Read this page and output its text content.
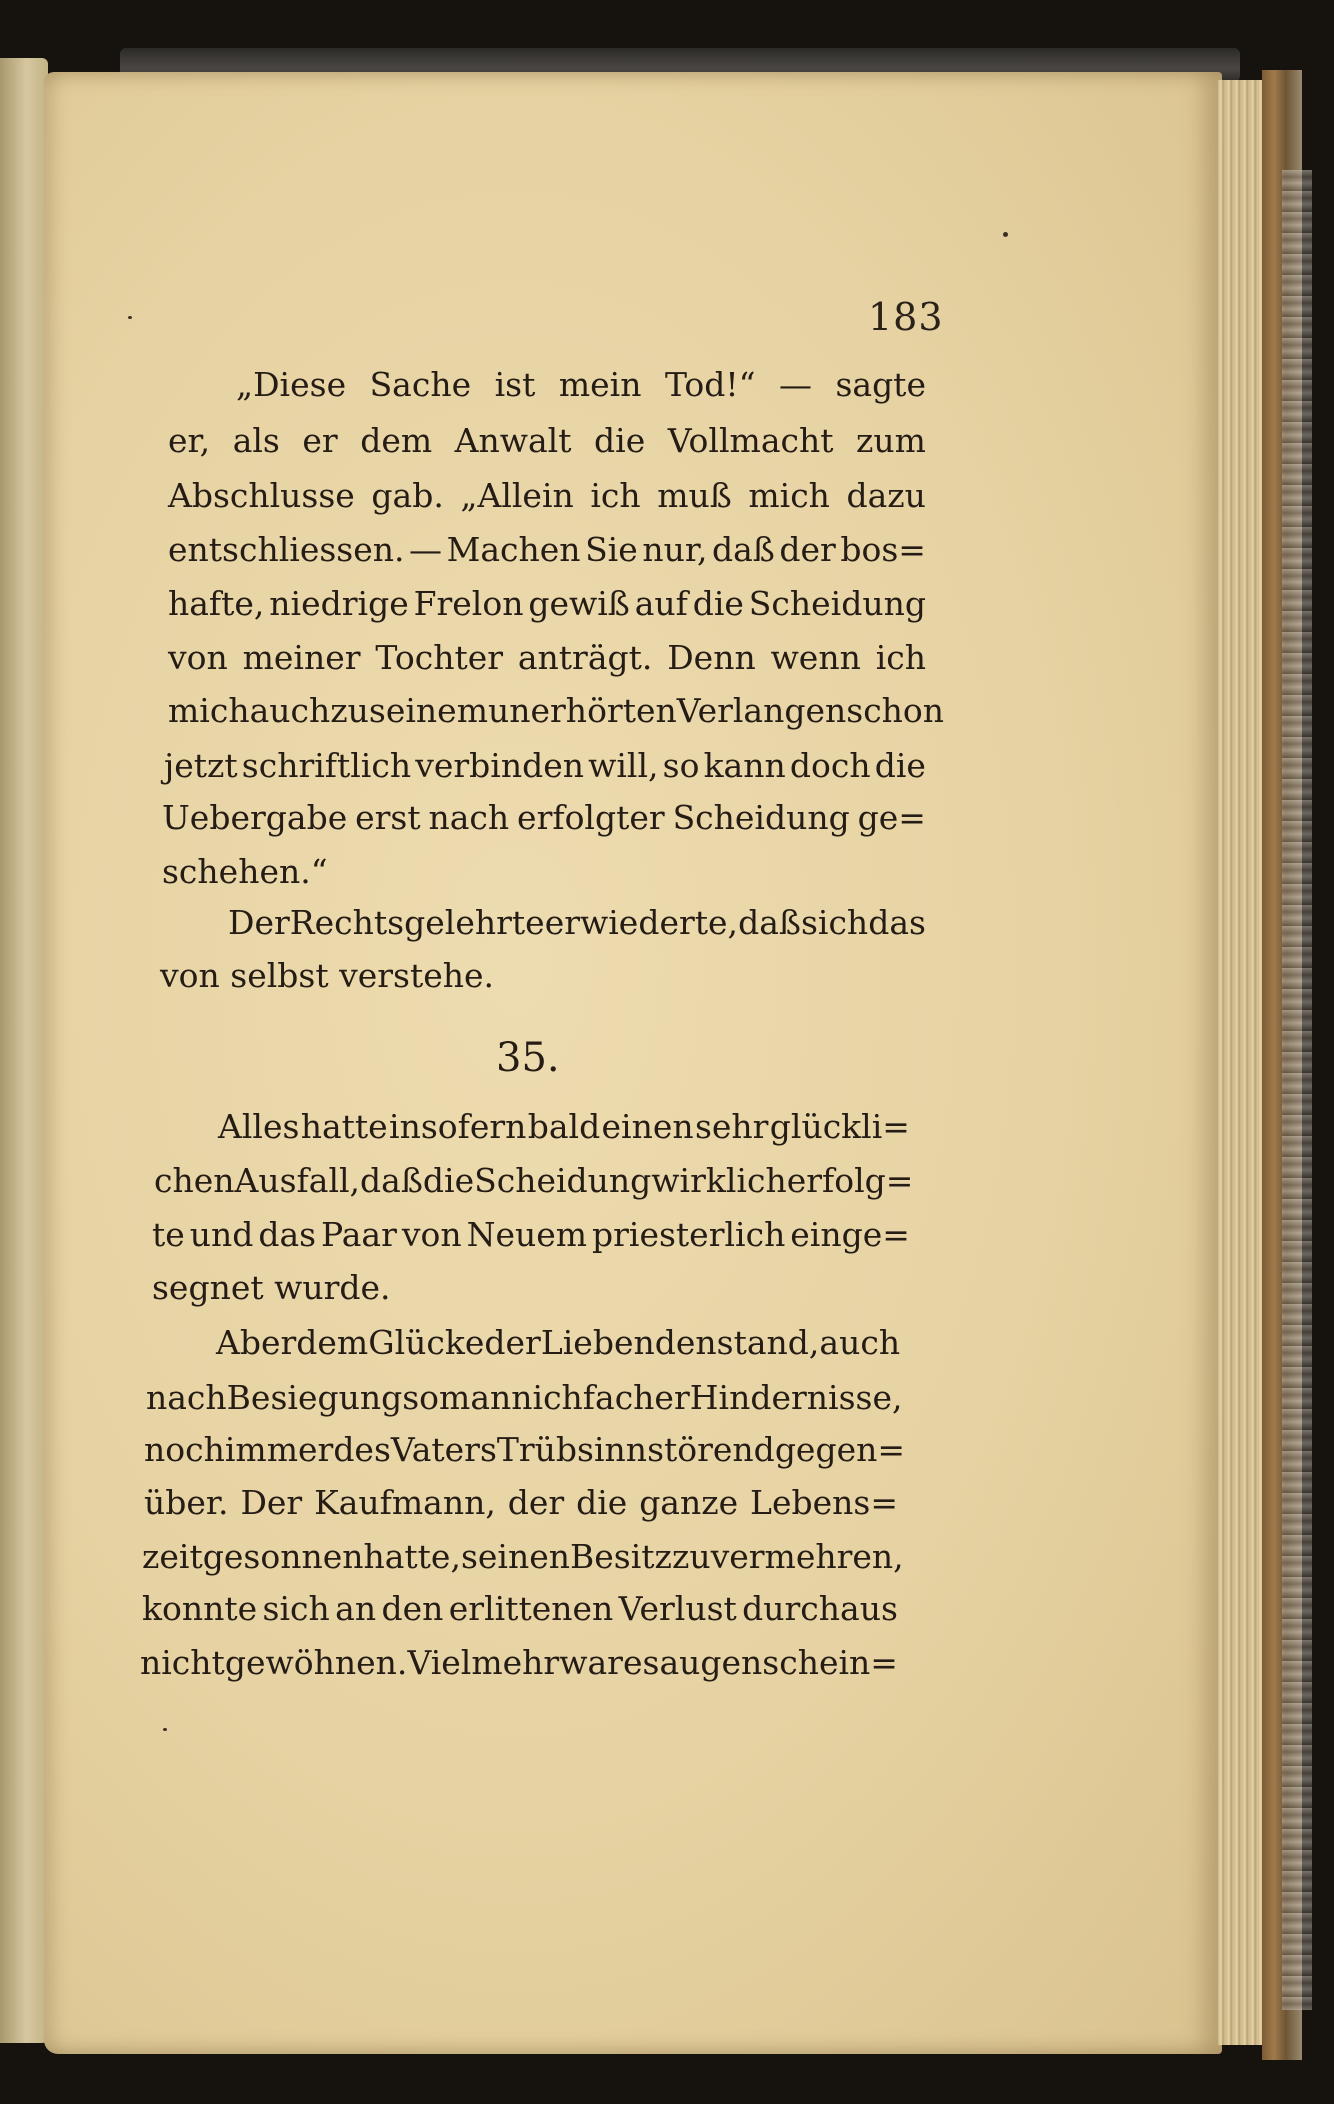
183
„Diese Sache ist mein Tod!“ — sagte
er, als er dem Anwalt die Vollmacht zum
Abschlusse gab. „Allein ich muß mich dazu
entschliessen. — Machen Sie nur, daß der bos=
hafte, niedrige Frelon gewiß auf die Scheidung
von meiner Tochter anträgt. Denn wenn ich
mich auch zu seinem unerhörten Verlangen schon
jetzt schriftlich verbinden will, so kann doch die
Uebergabe erst nach erfolgter Scheidung ge=
schehen.“
Der Rechtsgelehrte erwiederte, daß sich das
von selbst verstehe.
35.
Alles hatte insofern bald einen sehr glückli=
chen Ausfall, daß die Scheidung wirklich erfolg=
te und das Paar von Neuem priesterlich einge=
segnet wurde.
Aber dem Glücke der Liebenden stand, auch
nach Besiegung so mannichfacher Hindernisse,
noch immer des Vaters Trübsinn störend gegen=
über. Der Kaufmann, der die ganze Lebens=
zeit gesonnen hatte, seinen Besitz zu vermehren,
konnte sich an den erlittenen Verlust durchaus
nicht gewöhnen. Vielmehr war es augenschein=
